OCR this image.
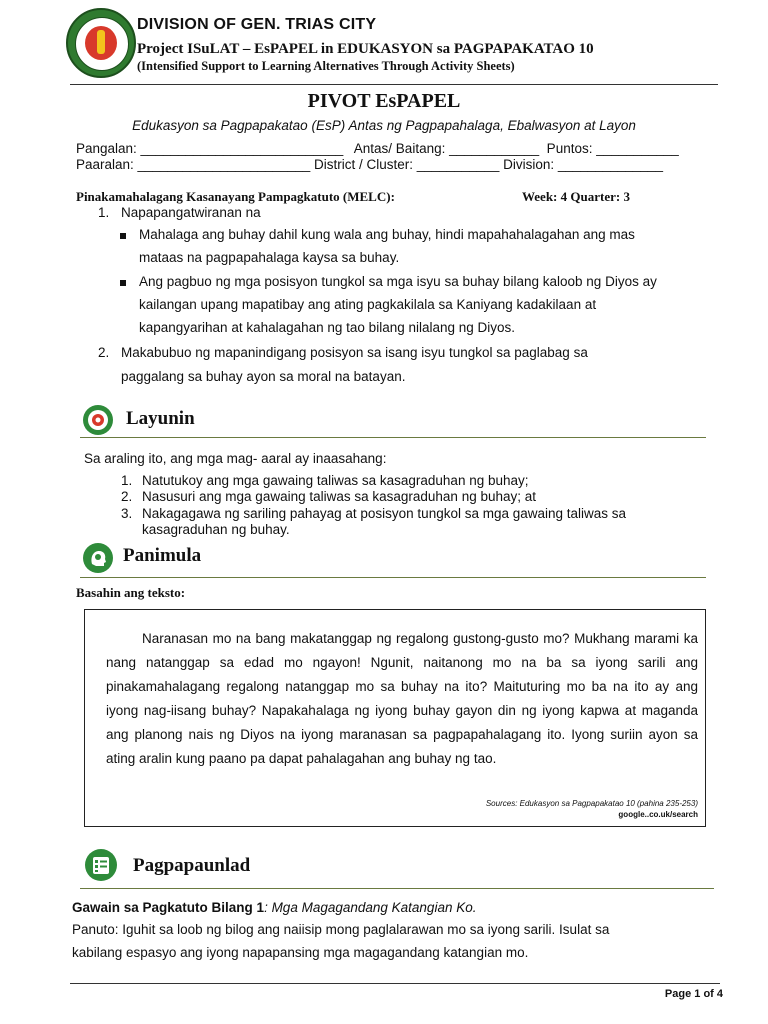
DIVISION OF GEN. TRIAS CITY
Project ISuLAT – EsPAPEL in EDUKASYON sa PAGPAPAKATAO 10
(Intensified Support to Learning Alternatives Through Activity Sheets)
PIVOT EsPAPEL
Edukasyon sa Pagpapakatao (EsP) Antas ng Pagpapahalaga, Ebalwasyon at Layon
Pangalan: ___________________________   Antas/ Baitang: ____________  Puntos: ___________
Paaralan: _______________________ District / Cluster: ___________ Division: ______________
Pinakamahalagang Kasanayang Pampagkatuto (MELC):	Week: 4 Quarter: 3
1. Napapangatwiranan na
Mahalaga ang buhay dahil kung wala ang buhay, hindi mapahahalagahan ang mas
mataas na pagpapahalaga kaysa sa buhay.
Ang pagbuo ng mga posisyon tungkol sa mga isyu sa buhay bilang kaloob ng Diyos ay
kailangan upang mapatibay ang ating pagkakilala sa Kaniyang kadakilaan at
kapangyarihan at kahalagahan ng tao bilang nilalang ng Diyos.
2. Makabubuo ng mapanindigang posisyon sa isang isyu tungkol sa paglabag sa
paggalang sa buhay ayon sa moral na batayan.
Layunin
Sa araling ito, ang mga mag- aaral ay inaasahang:
1. Natutukoy ang mga gawaing taliwas sa kasagraduhan ng buhay;
2. Nasusuri ang mga gawaing taliwas sa kasagraduhan ng buhay; at
3. Nakagagawa ng sariling pahayag at posisyon tungkol sa mga gawaing taliwas sa
kasagraduhan ng buhay.
Panimula
Basahin ang teksto:
Naranasan mo na bang makatanggap ng regalong gustong-gusto mo? Mukhang marami ka nang natanggap sa edad mo ngayon! Ngunit, naitanong mo na ba sa iyong sarili ang pinakamahalagang regalong natanggap mo sa buhay na ito? Maituturing mo ba na ito ay ang iyong nag-iisang buhay? Napakahalaga ng iyong buhay gayon din ng iyong kapwa at maganda ang planong nais ng Diyos na iyong maranasan sa pagpapahalagang ito. Iyong suriin ayon sa ating aralin kung paano pa dapat pahalagahan ang buhay ng tao.
Sources: Edukasyon sa Pagpapakatao 10 (pahina 235-253)
google..co.uk/search
Pagpapaunlad
Gawain sa Pagkatuto Bilang 1: Mga Magagandang Katangian Ko.
Panuto: Iguhit sa loob ng bilog ang naiisip mong paglalarawan mo sa iyong sarili. Isulat sa
kabilang espasyo ang iyong napapansing mga magagandang katangian mo.
Page 1 of 4
